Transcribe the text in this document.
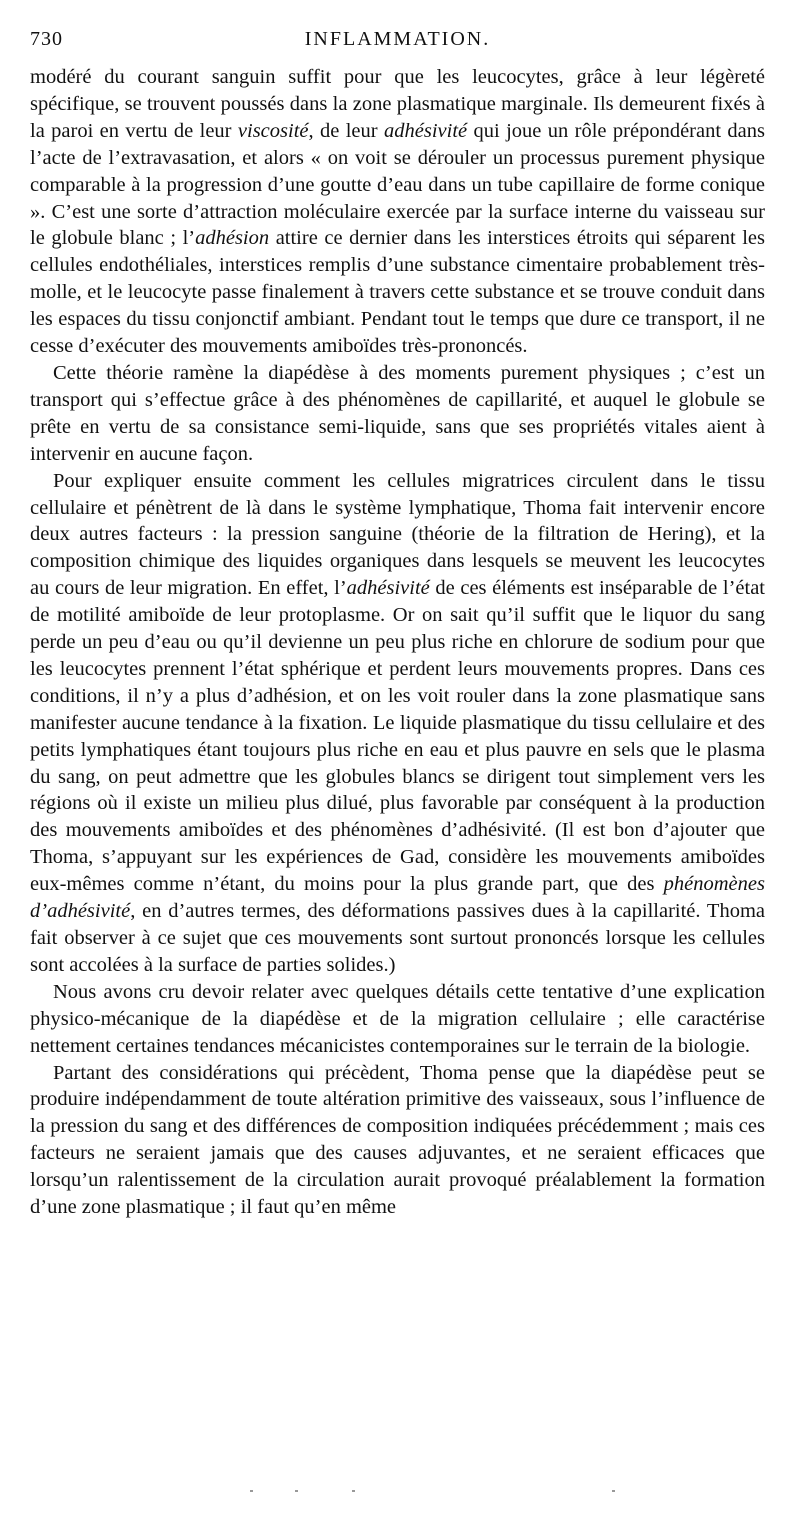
730	INFLAMMATION.

modéré du courant sanguin suffit pour que les leucocytes, grâce à leur légèreté spécifique, se trouvent poussés dans la zone plasmatique marginale. Ils demeurent fixés à la paroi en vertu de leur viscosité, de leur adhésivité qui joue un rôle prépondérant dans l’acte de l’extravasation, et alors « on voit se dérouler un processus purement physique comparable à la progression d’une goutte d’eau dans un tube capillaire de forme conique ». C’est une sorte d’attraction moléculaire exercée par la surface interne du vaisseau sur le globule blanc ; l’adhésion attire ce dernier dans les interstices étroits qui séparent les cellules endothéliales, interstices remplis d’une substance cimentaire probablement très-molle, et le leucocyte passe finalement à travers cette substance et se trouve conduit dans les espaces du tissu conjonctif ambiant. Pendant tout le temps que dure ce transport, il ne cesse d’exécuter des mouvements amiboïdes très-prononcés.

Cette théorie ramène la diapédèse à des moments purement physiques ; c’est un transport qui s’effectue grâce à des phénomènes de capillarité, et auquel le globule se prête en vertu de sa consistance semi-liquide, sans que ses propriétés vitales aient à intervenir en aucune façon.

Pour expliquer ensuite comment les cellules migratrices circulent dans le tissu cellulaire et pénètrent de là dans le système lymphatique, Thoma fait intervenir encore deux autres facteurs : la pression sanguine (théorie de la filtration de Hering), et la composition chimique des liquides organiques dans lesquels se meuvent les leucocytes au cours de leur migration. En effet, l’adhésivité de ces éléments est inséparable de l’état de motilité amiboïde de leur protoplasme. Or on sait qu’il suffit que le liquor du sang perde un peu d’eau ou qu’il devienne un peu plus riche en chlorure de sodium pour que les leucocytes prennent l’état sphérique et perdent leurs mouvements propres. Dans ces conditions, il n’y a plus d’adhésion, et on les voit rouler dans la zone plasmatique sans manifester aucune tendance à la fixation. Le liquide plasmatique du tissu cellulaire et des petits lymphatiques étant toujours plus riche en eau et plus pauvre en sels que le plasma du sang, on peut admettre que les globules blancs se dirigent tout simplement vers les régions où il existe un milieu plus dilué, plus favorable par conséquent à la production des mouvements amiboïdes et des phénomènes d’adhésivité. (Il est bon d’ajouter que Thoma, s’appuyant sur les expériences de Gad, considère les mouvements amiboïdes eux-mêmes comme n’étant, du moins pour la plus grande part, que des phénomènes d’adhésivité, en d’autres termes, des déformations passives dues à la capillarité. Thoma fait observer à ce sujet que ces mouvements sont surtout prononcés lorsque les cellules sont accolées à la surface de parties solides.)

Nous avons cru devoir relater avec quelques détails cette tentative d’une explication physico-mécanique de la diapédèse et de la migration cellulaire ; elle caractérise nettement certaines tendances mécanicistes contemporaines sur le terrain de la biologie.

Partant des considérations qui précèdent, Thoma pense que la diapédèse peut se produire indépendamment de toute altération primitive des vaisseaux, sous l’influence de la pression du sang et des différences de composition indiquées précédemment ; mais ces facteurs ne seraient jamais que des causes adjuvantes, et ne seraient efficaces que lorsqu’un ralentissement de la circulation aurait provoqué préalablement la formation d’une zone plasmatique ; il faut qu’en même
